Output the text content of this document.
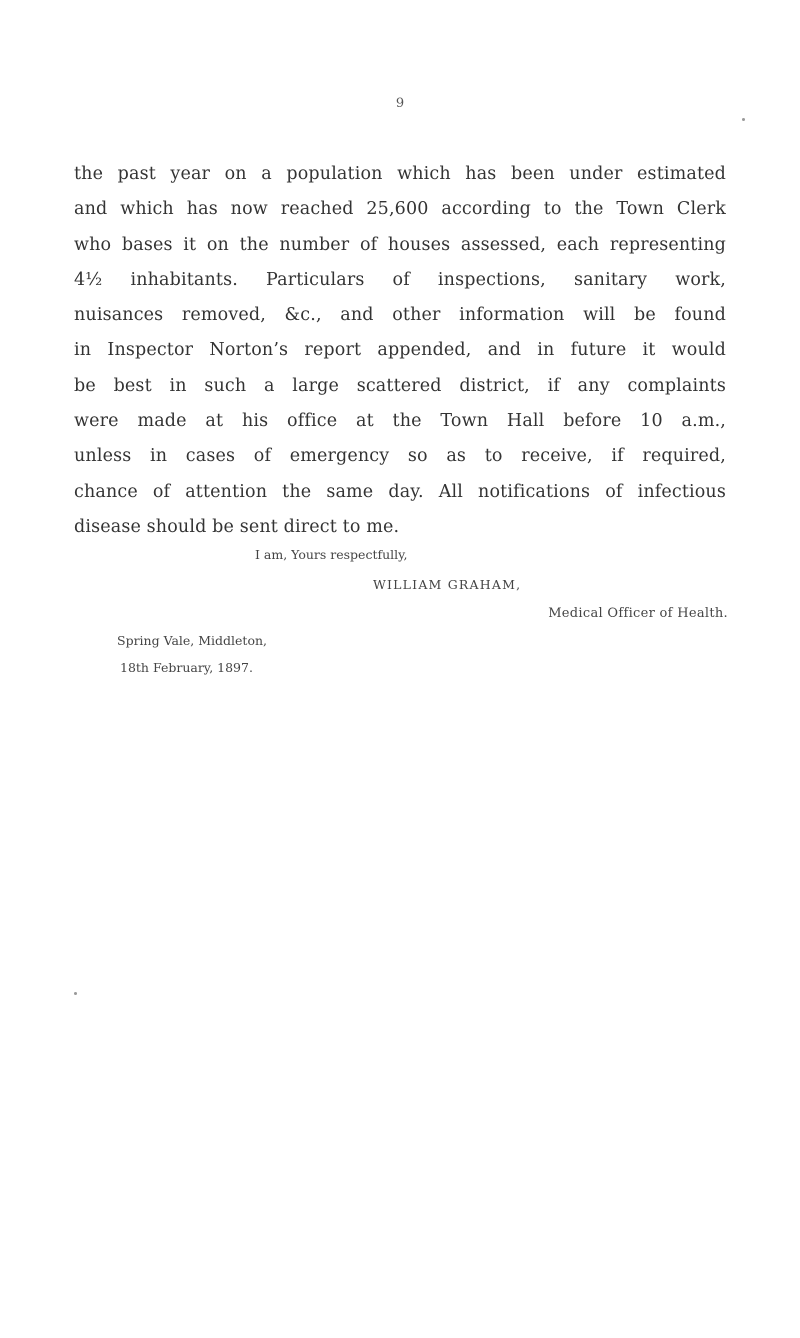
9
the past year on a population which has been under estimated
and which has now reached 25,600 according to the Town Clerk
who bases it on the number of houses assessed, each representing
4½ inhabitants. Particulars of inspections, sanitary work,
nuisances removed, &c., and other information will be found
in Inspector Norton’s report appended, and in future it would
be best in such a large scattered district, if any complaints
were made at his office at the Town Hall before 10 a.m.,
unless in cases of emergency so as to receive, if required,
chance of attention the same day. All notifications of infectious
disease should be sent direct to me.
I am, Yours respectfully,
WILLIAM GRAHAM,
Medical Officer of Health.
Spring Vale, Middleton,
18th February, 1897.
